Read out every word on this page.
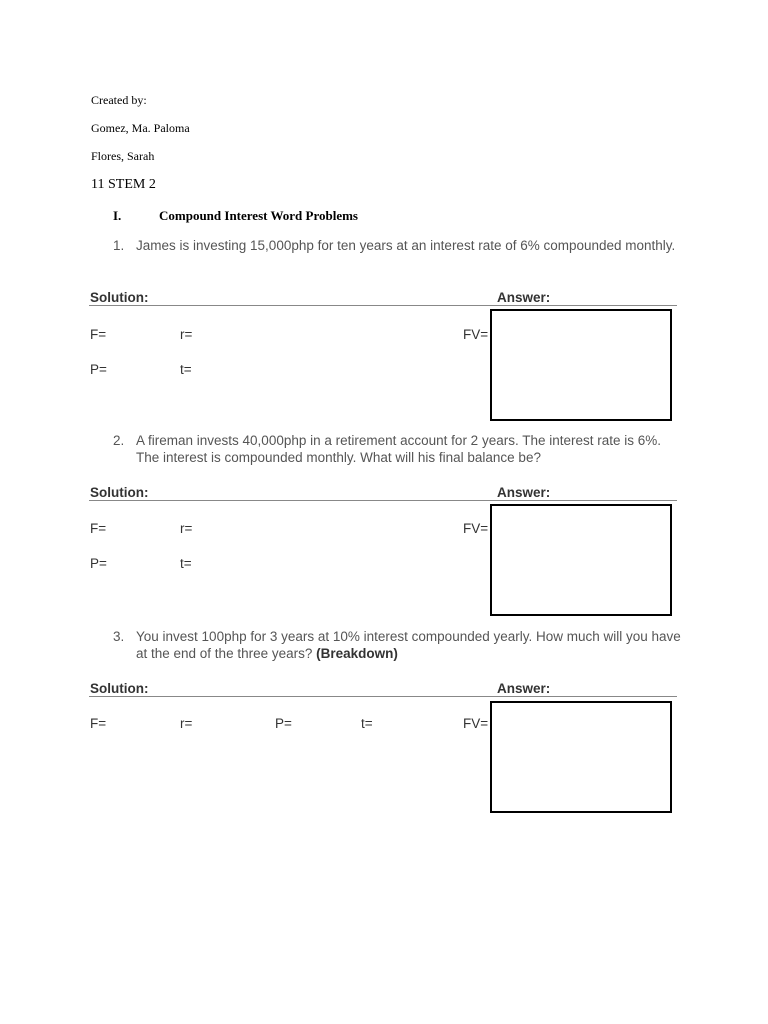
Created by:
Gomez, Ma. Paloma
Flores, Sarah
11 STEM 2
I.	Compound Interest Word Problems
1. James is investing 15,000php for ten years at an interest rate of 6% compounded monthly.
Solution:	Answer:
F=	r=	FV=
P=	t=
2. A fireman invests 40,000php in a retirement account for 2 years. The interest rate is 6%. The interest is compounded monthly. What will his final balance be?
Solution:	Answer:
F=	r=	FV=
P=	t=
3. You invest 100php for 3 years at 10% interest compounded yearly. How much will you have at the end of the three years? (Breakdown)
Solution:	Answer:
F=	r=	P=	t=	FV=
